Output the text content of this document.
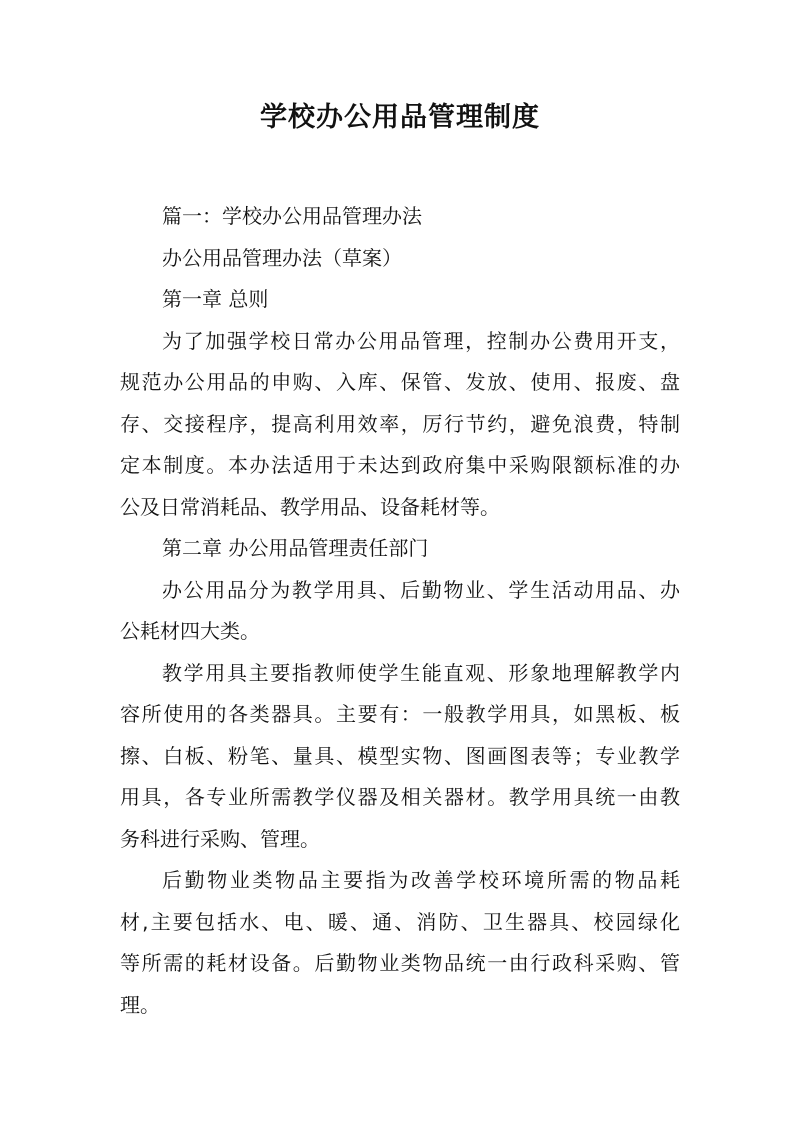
学校办公用品管理制度

篇一：学校办公用品管理办法

办公用品管理办法（草案）

第一章 总则

为了加强学校日常办公用品管理，控制办公费用开支，
规范办公用品的申购、入库、保管、发放、使用、报废、盘
存、交接程序，提高利用效率，厉行节约，避免浪费，特制
定本制度。本办法适用于未达到政府集中采购限额标准的办
公及日常消耗品、教学用品、设备耗材等。

第二章 办公用品管理责任部门

办公用品分为教学用具、后勤物业、学生活动用品、办
公耗材四大类。

教学用具主要指教师使学生能直观、形象地理解教学内
容所使用的各类器具。主要有：一般教学用具，如黑板、板
擦、白板、粉笔、量具、模型实物、图画图表等；专业教学
用具，各专业所需教学仪器及相关器材。教学用具统一由教
务科进行采购、管理。

后勤物业类物品主要指为改善学校环境所需的物品耗
材,主要包括水、电、暖、通、消防、卫生器具、校园绿化
等所需的耗材设备。后勤物业类物品统一由行政科采购、管
理。
